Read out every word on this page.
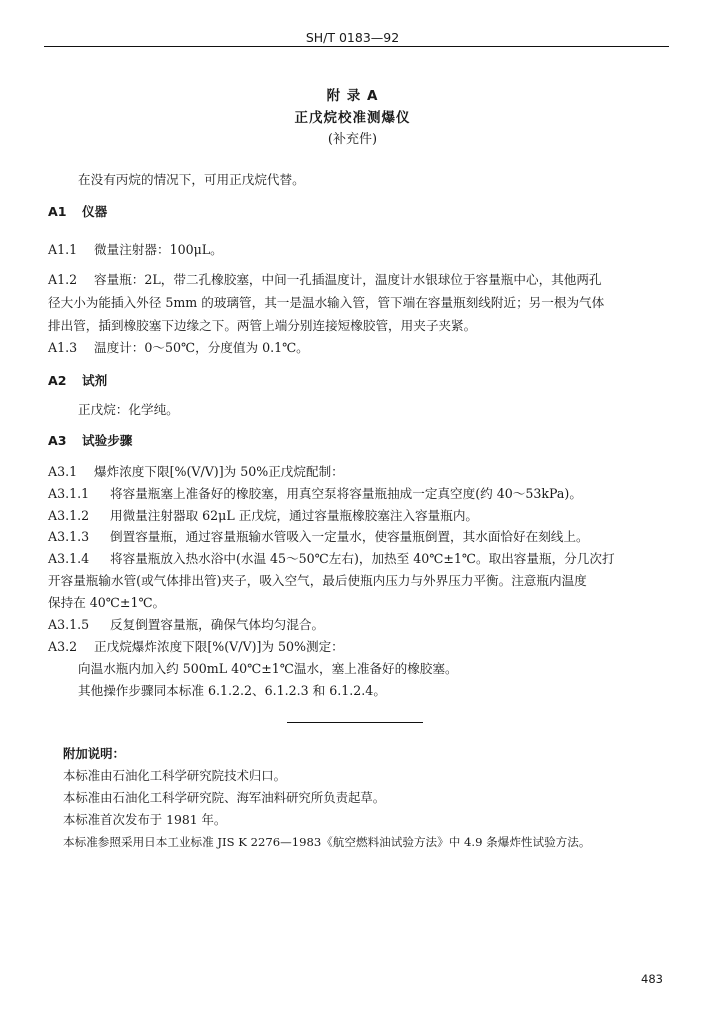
SH/T 0183—92
附 录 A
正戊烷校准测爆仪
(补充件)
在没有丙烷的情况下，可用正戊烷代替。
A1 仪器
A1.1 微量注射器：100μL。
A1.2 容量瓶：2L，带二孔橡胶塞，中间一孔插温度计，温度计水银球位于容量瓶中心，其他两孔
径大小为能插入外径 5mm 的玻璃管，其一是温水输入管，管下端在容量瓶刻线附近；另一根为气体
排出管，插到橡胶塞下边缘之下。两管上端分别连接短橡胶管，用夹子夹紧。
A1.3 温度计：0～50℃，分度值为 0.1℃。
A2 试剂
正戊烷：化学纯。
A3 试验步骤
A3.1 爆炸浓度下限[%(V/V)]为 50%正戊烷配制：
A3.1.1 将容量瓶塞上准备好的橡胶塞，用真空泵将容量瓶抽成一定真空度(约 40～53kPa)。
A3.1.2 用微量注射器取 62μL 正戊烷，通过容量瓶橡胶塞注入容量瓶内。
A3.1.3 倒置容量瓶，通过容量瓶输水管吸入一定量水，使容量瓶倒置，其水面恰好在刻线上。
A3.1.4 将容量瓶放入热水浴中(水温 45～50℃左右)，加热至 40℃±1℃。取出容量瓶，分几次打
开容量瓶输水管(或气体排出管)夹子，吸入空气，最后使瓶内压力与外界压力平衡。注意瓶内温度
保持在 40℃±1℃。
A3.1.5 反复倒置容量瓶，确保气体均匀混合。
A3.2 正戊烷爆炸浓度下限[%(V/V)]为 50%测定：
向温水瓶内加入约 500mL 40℃±1℃温水，塞上准备好的橡胶塞。
其他操作步骤同本标准 6.1.2.2、6.1.2.3 和 6.1.2.4。
附加说明：
本标准由石油化工科学研究院技术归口。
本标准由石油化工科学研究院、海军油料研究所负责起草。
本标准首次发布于 1981 年。
本标准参照采用日本工业标准 JIS K 2276—1983《航空燃料油试验方法》中 4.9 条爆炸性试验方法。
483
